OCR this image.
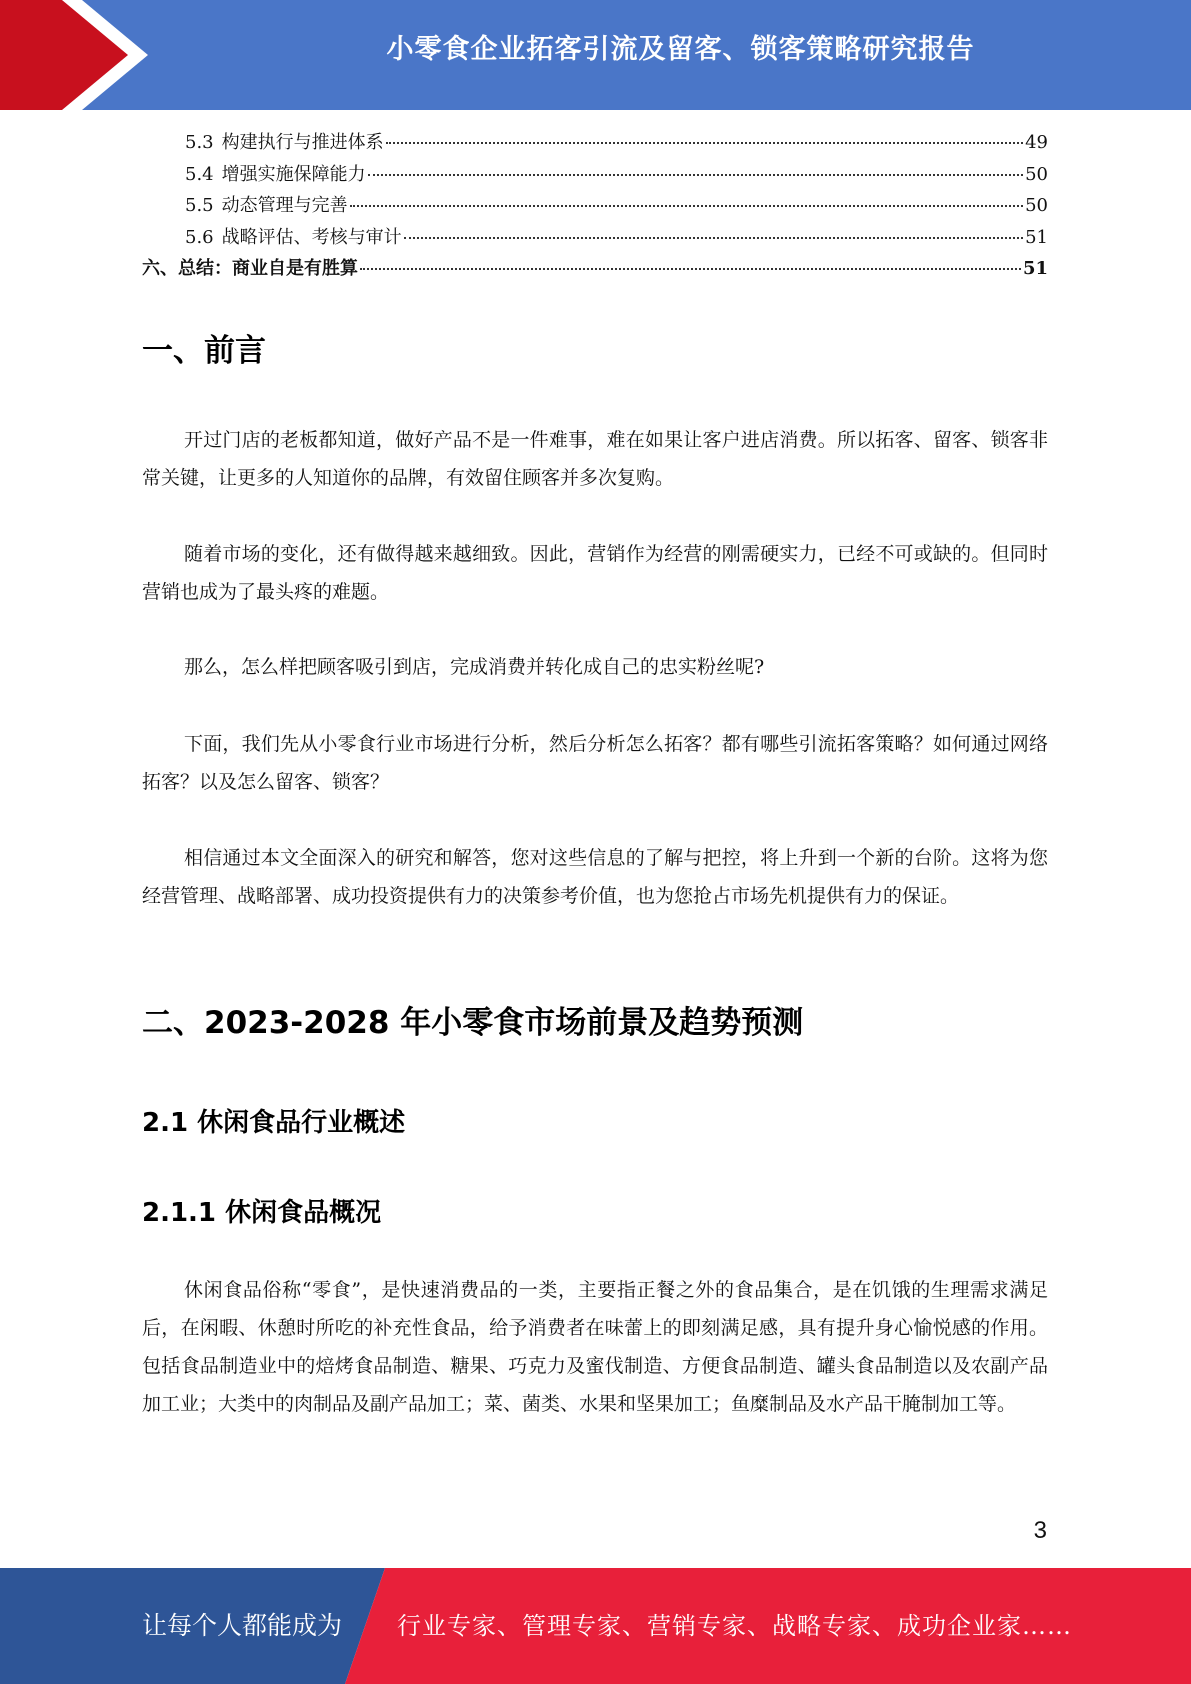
小零食企业拓客引流及留客、锁客策略研究报告
5.3 构建执行与推进体系	49
5.4 增强实施保障能力	50
5.5 动态管理与完善	50
5.6 战略评估、考核与审计	51
六、总结：商业自是有胜算	51
一、前言

开过门店的老板都知道，做好产品不是一件难事，难在如果让客户进店消费。所以拓客、留客、锁客非常关键，让更多的人知道你的品牌，有效留住顾客并多次复购。

随着市场的变化，还有做得越来越细致。因此，营销作为经营的刚需硬实力，已经不可或缺的。但同时营销也成为了最头疼的难题。

那么，怎么样把顾客吸引到店，完成消费并转化成自己的忠实粉丝呢?

下面，我们先从小零食行业市场进行分析，然后分析怎么拓客？都有哪些引流拓客策略？如何通过网络拓客？以及怎么留客、锁客？

相信通过本文全面深入的研究和解答，您对这些信息的了解与把控，将上升到一个新的台阶。这将为您经营管理、战略部署、成功投资提供有力的决策参考价值，也为您抢占市场先机提供有力的保证。

二、2023-2028 年小零食市场前景及趋势预测
2.1 休闲食品行业概述
2.1.1 休闲食品概况

休闲食品俗称“零食”，是快速消费品的一类，主要指正餐之外的食品集合，是在饥饿的生理需求满足后，在闲暇、休憩时所吃的补充性食品，给予消费者在味蕾上的即刻满足感，具有提升身心愉悦感的作用。包括食品制造业中的焙烤食品制造、糖果、巧克力及蜜伐制造、方便食品制造、罐头食品制造以及农副产品加工业；大类中的肉制品及副产品加工；菜、菌类、水果和坚果加工；鱼糜制品及水产品干腌制加工等。

3
让每个人都能成为 行业专家、管理专家、营销专家、战略专家、成功企业家……
